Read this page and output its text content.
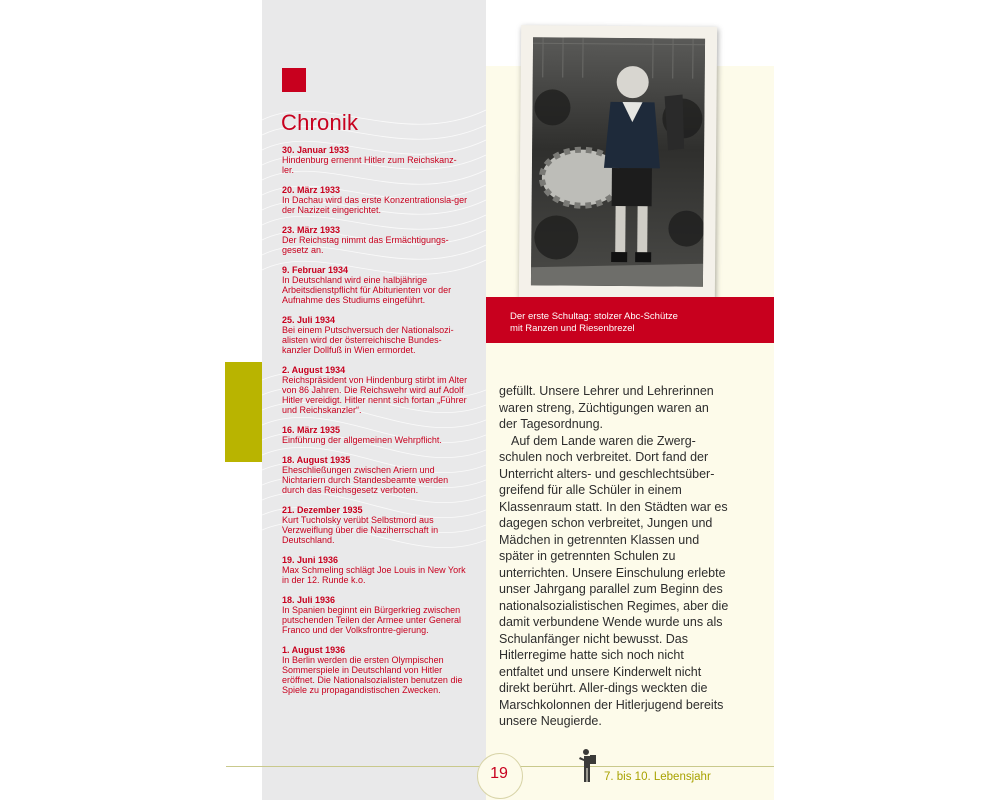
Chronik
30. Januar 1933
Hindenburg ernennt Hitler zum Reichskanz-ler.
20. März 1933
In Dachau wird das erste Konzentrationsla-ger der Nazizeit eingerichtet.
23. März 1933
Der Reichstag nimmt das Ermächtigungs-gesetz an.
9. Februar 1934
In Deutschland wird eine halbjährige Arbeitsdienstpflicht für Abiturienten vor der Aufnahme des Studiums eingeführt.
25. Juli 1934
Bei einem Putschversuch der Nationalsozi-alisten wird der österreichische Bundes-kanzler Dollfuß in Wien ermordet.
2. August 1934
Reichspräsident von Hindenburg stirbt im Alter von 86 Jahren. Die Reichswehr wird auf Adolf Hitler vereidigt. Hitler nennt sich fortan „Führer und Reichskanzler“.
16. März 1935
Einführung der allgemeinen Wehrpflicht.
18. August 1935
Eheschließungen zwischen Ariern und Nichtariern durch Standesbeamte werden durch das Reichsgesetz verboten.
21. Dezember 1935
Kurt Tucholsky verübt Selbstmord aus Verzweiflung über die Naziherrschaft in Deutschland.
19. Juni 1936
Max Schmeling schlägt Joe Louis in New York in der 12. Runde k.o.
18. Juli 1936
In Spanien beginnt ein Bürgerkrieg zwischen putschenden Teilen der Armee unter General Franco und der Volksfrontre-gierung.
1. August 1936
In Berlin werden die ersten Olympischen Sommerspiele in Deutschland von Hitler eröffnet. Die Nationalsozialisten benutzen die Spiele zu propagandistischen Zwecken.
Der erste Schultag: stolzer Abc-Schütze
mit Ranzen und Riesenbrezel

gefüllt. Unsere Lehrer und Lehrerinnen waren streng, Züchtigungen waren an der Tagesordnung.

Auf dem Lande waren die Zwerg-schulen noch verbreitet. Dort fand der Unterricht alters- und geschlechtsüber-greifend für alle Schüler in einem Klassenraum statt. In den Städten war es dagegen schon verbreitet, Jungen und Mädchen in getrennten Klassen und später in getrennten Schulen zu unterrichten. Unsere Einschulung erlebte unser Jahrgang parallel zum Beginn des nationalsozialistischen Regimes, aber die damit verbundene Wende wurde uns als Schulanfänger nicht bewusst. Das Hitlerregime hatte sich noch nicht entfaltet und unsere Kinderwelt nicht direkt berührt. Aller-dings weckten die Marschkolonnen der Hitlerjugend bereits unsere Neugierde.

19	7. bis 10. Lebensjahr
